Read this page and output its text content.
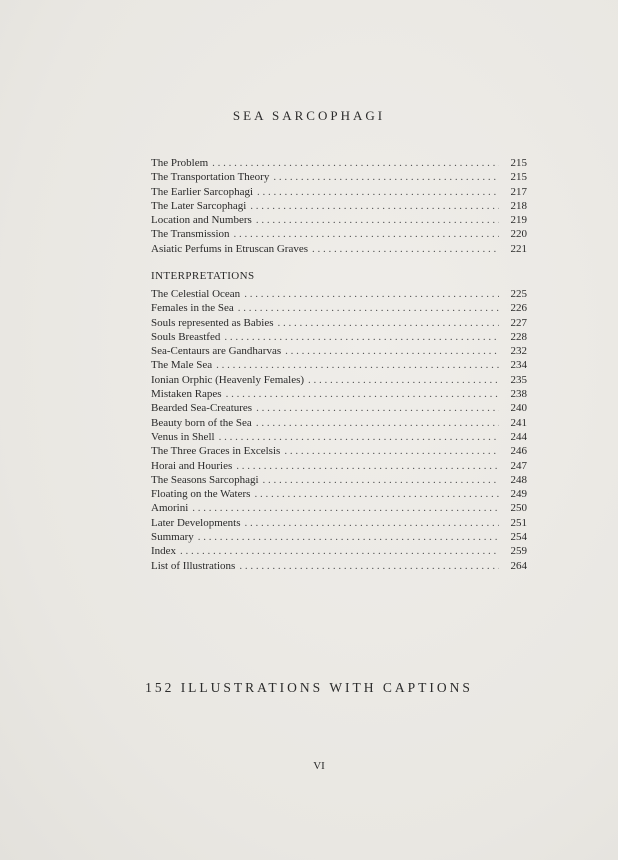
SEA SARCOPHAGI
The Problem . . .	215
The Transportation Theory . . .	215
The Earlier Sarcophagi . . .	217
The Later Sarcophagi . . .	218
Location and Numbers . . .	219
The Transmission . . .	220
Asiatic Perfums in Etruscan Graves . . .	221
INTERPRETATIONS
The Celestial Ocean . . .	225
Females in the Sea . . .	226
Souls represented as Babies . . .	227
Souls Breastfed . . .	228
Sea-Centaurs are Gandharvas . . .	232
The Male Sea . . .	234
Ionian Orphic (Heavenly Females) . . .	235
Mistaken Rapes . . .	238
Bearded Sea-Creatures . . .	240
Beauty born of the Sea . . .	241
Venus in Shell . . .	244
The Three Graces in Excelsis . . .	246
Horai and Houries . . .	247
The Seasons Sarcophagi . . .	248
Floating on the Waters . . .	249
Amorini . . .	250
Later Developments . . .	251
Summary . . .	254
Index . . .	259
List of Illustrations . . .	264
152 ILLUSTRATIONS WITH CAPTIONS
VI
